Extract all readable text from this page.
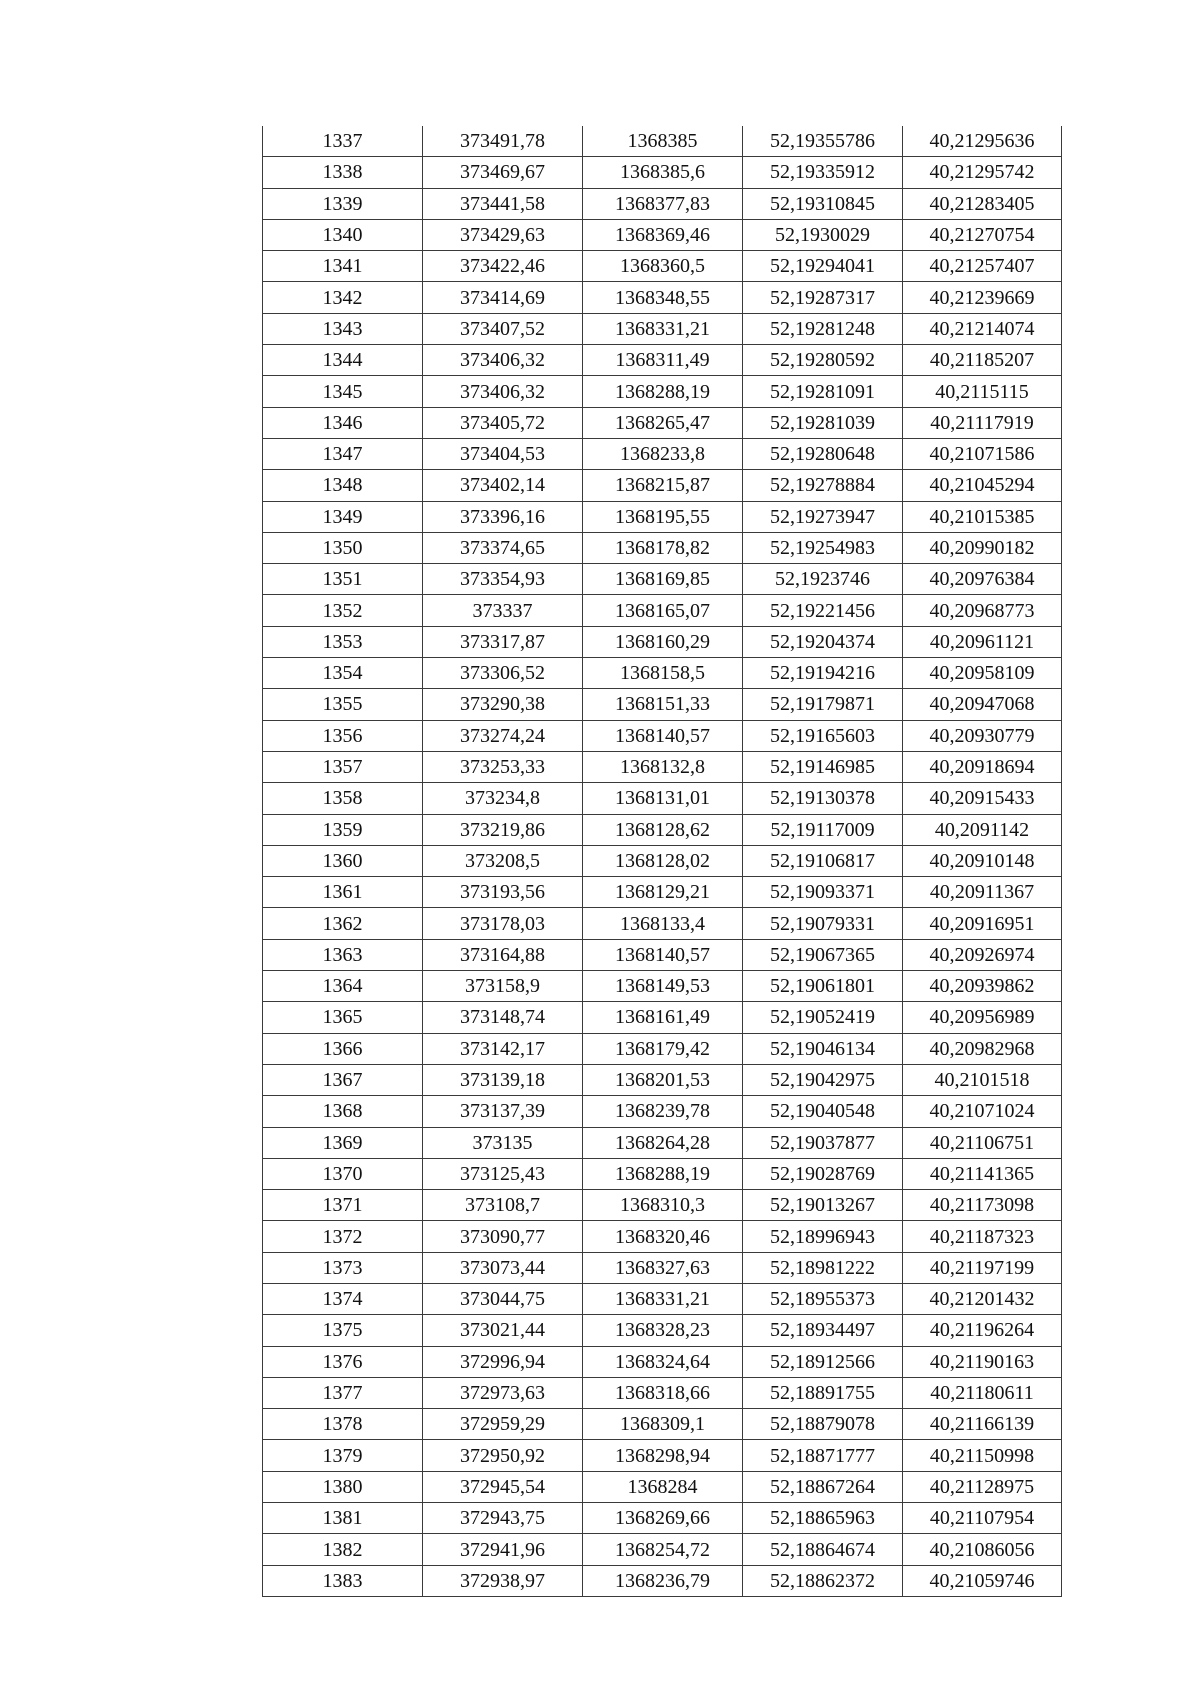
1337	373491,78	1368385	52,19355786	40,21295636
1338	373469,67	1368385,6	52,19335912	40,21295742
1339	373441,58	1368377,83	52,19310845	40,21283405
1340	373429,63	1368369,46	52,1930029	40,21270754
1341	373422,46	1368360,5	52,19294041	40,21257407
1342	373414,69	1368348,55	52,19287317	40,21239669
1343	373407,52	1368331,21	52,19281248	40,21214074
1344	373406,32	1368311,49	52,19280592	40,21185207
1345	373406,32	1368288,19	52,19281091	40,2115115
1346	373405,72	1368265,47	52,19281039	40,21117919
1347	373404,53	1368233,8	52,19280648	40,21071586
1348	373402,14	1368215,87	52,19278884	40,21045294
1349	373396,16	1368195,55	52,19273947	40,21015385
1350	373374,65	1368178,82	52,19254983	40,20990182
1351	373354,93	1368169,85	52,1923746	40,20976384
1352	373337	1368165,07	52,19221456	40,20968773
1353	373317,87	1368160,29	52,19204374	40,20961121
1354	373306,52	1368158,5	52,19194216	40,20958109
1355	373290,38	1368151,33	52,19179871	40,20947068
1356	373274,24	1368140,57	52,19165603	40,20930779
1357	373253,33	1368132,8	52,19146985	40,20918694
1358	373234,8	1368131,01	52,19130378	40,20915433
1359	373219,86	1368128,62	52,19117009	40,2091142
1360	373208,5	1368128,02	52,19106817	40,20910148
1361	373193,56	1368129,21	52,19093371	40,20911367
1362	373178,03	1368133,4	52,19079331	40,20916951
1363	373164,88	1368140,57	52,19067365	40,20926974
1364	373158,9	1368149,53	52,19061801	40,20939862
1365	373148,74	1368161,49	52,19052419	40,20956989
1366	373142,17	1368179,42	52,19046134	40,20982968
1367	373139,18	1368201,53	52,19042975	40,2101518
1368	373137,39	1368239,78	52,19040548	40,21071024
1369	373135	1368264,28	52,19037877	40,21106751
1370	373125,43	1368288,19	52,19028769	40,21141365
1371	373108,7	1368310,3	52,19013267	40,21173098
1372	373090,77	1368320,46	52,18996943	40,21187323
1373	373073,44	1368327,63	52,18981222	40,21197199
1374	373044,75	1368331,21	52,18955373	40,21201432
1375	373021,44	1368328,23	52,18934497	40,21196264
1376	372996,94	1368324,64	52,18912566	40,21190163
1377	372973,63	1368318,66	52,18891755	40,21180611
1378	372959,29	1368309,1	52,18879078	40,21166139
1379	372950,92	1368298,94	52,18871777	40,21150998
1380	372945,54	1368284	52,18867264	40,21128975
1381	372943,75	1368269,66	52,18865963	40,21107954
1382	372941,96	1368254,72	52,18864674	40,21086056
1383	372938,97	1368236,79	52,18862372	40,21059746
